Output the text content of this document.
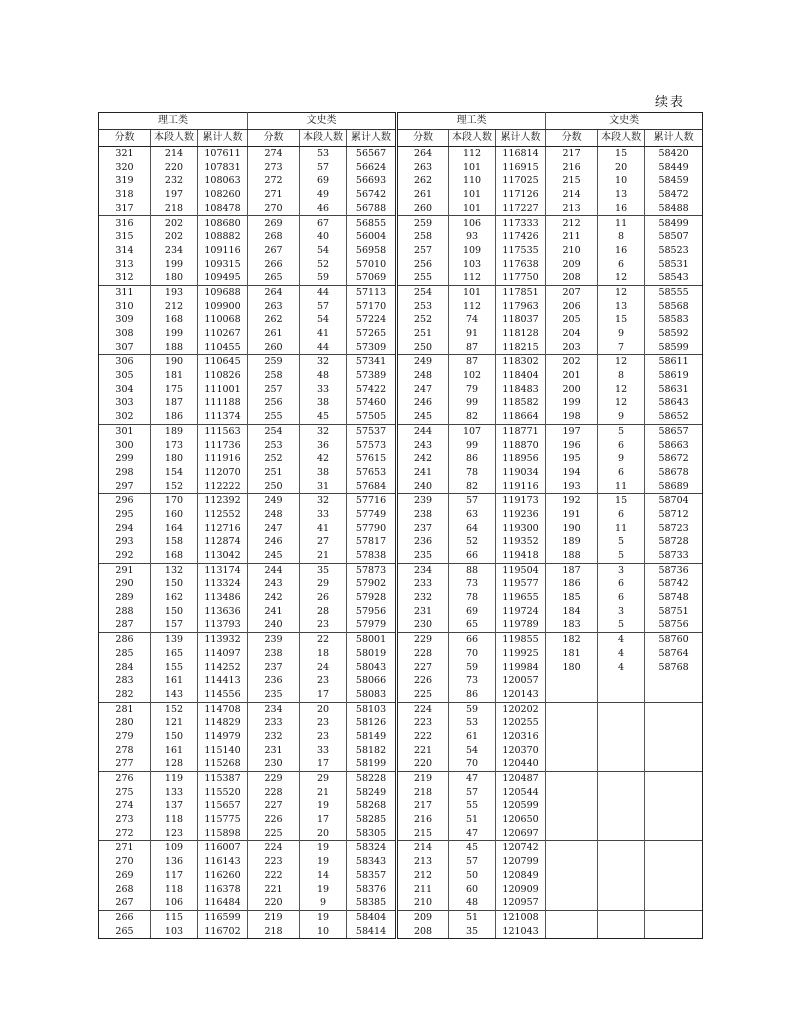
续表
理工类			文史类			理工类			文史类		
分数	本段人数	累计人数	分数	本段人数	累计人数	分数	本段人数	累计人数	分数	本段人数	累计人数
321	214	107611	274	53	56567	264	112	116814	217	15	58420
320	220	107831	273	57	56624	263	101	116915	216	20	58449
319	232	108063	272	69	56693	262	110	117025	215	10	58459
318	197	108260	271	49	56742	261	101	117126	214	13	58472
317	218	108478	270	46	56788	260	101	117227	213	16	58488
316	202	108680	269	67	56855	259	106	117333	212	11	58499
315	202	108882	268	40	56004	258	93	117426	211	8	58507
314	234	109116	267	54	56958	257	109	117535	210	16	58523
313	199	109315	266	52	57010	256	103	117638	209	6	58531
312	180	109495	265	59	57069	255	112	117750	208	12	58543
311	193	109688	264	44	57113	254	101	117851	207	12	58555
310	212	109900	263	57	57170	253	112	117963	206	13	58568
309	168	110068	262	54	57224	252	74	118037	205	15	58583
308	199	110267	261	41	57265	251	91	118128	204	9	58592
307	188	110455	260	44	57309	250	87	118215	203	7	58599
306	190	110645	259	32	57341	249	87	118302	202	12	58611
305	181	110826	258	48	57389	248	102	118404	201	8	58619
304	175	111001	257	33	57422	247	79	118483	200	12	58631
303	187	111188	256	38	57460	246	99	118582	199	12	58643
302	186	111374	255	45	57505	245	82	118664	198	9	58652
301	189	111563	254	32	57537	244	107	118771	197	5	58657
300	173	111736	253	36	57573	243	99	118870	196	6	58663
299	180	111916	252	42	57615	242	86	118956	195	9	58672
298	154	112070	251	38	57653	241	78	119034	194	6	58678
297	152	112222	250	31	57684	240	82	119116	193	11	58689
296	170	112392	249	32	57716	239	57	119173	192	15	58704
295	160	112552	248	33	57749	238	63	119236	191	6	58712
294	164	112716	247	41	57790	237	64	119300	190	11	58723
293	158	112874	246	27	57817	236	52	119352	189	5	58728
292	168	113042	245	21	57838	235	66	119418	188	5	58733
291	132	113174	244	35	57873	234	88	119504	187	3	58736
290	150	113324	243	29	57902	233	73	119577	186	6	58742
289	162	113486	242	26	57928	232	78	119655	185	6	58748
288	150	113636	241	28	57956	231	69	119724	184	3	58751
287	157	113793	240	23	57979	230	65	119789	183	5	58756
286	139	113932	239	22	58001	229	66	119855	182	4	58760
285	165	114097	238	18	58019	228	70	119925	181	4	58764
284	155	114252	237	24	58043	227	59	119984	180	4	58768
283	161	114413	236	23	58066	226	73	120057			
282	143	114556	235	17	58083	225	86	120143			
281	152	114708	234	20	58103	224	59	120202			
280	121	114829	233	23	58126	223	53	120255			
279	150	114979	232	23	58149	222	61	120316			
278	161	115140	231	33	58182	221	54	120370			
277	128	115268	230	17	58199	220	70	120440			
276	119	115387	229	29	58228	219	47	120487			
275	133	115520	228	21	58249	218	57	120544			
274	137	115657	227	19	58268	217	55	120599			
273	118	115775	226	17	58285	216	51	120650			
272	123	115898	225	20	58305	215	47	120697			
271	109	116007	224	19	58324	214	45	120742			
270	136	116143	223	19	58343	213	57	120799			
269	117	116260	222	14	58357	212	50	120849			
268	118	116378	221	19	58376	211	60	120909			
267	106	116484	220	9	58385	210	48	120957			
266	115	116599	219	19	58404	209	51	121008			
265	103	116702	218	10	58414	208	35	121043			
